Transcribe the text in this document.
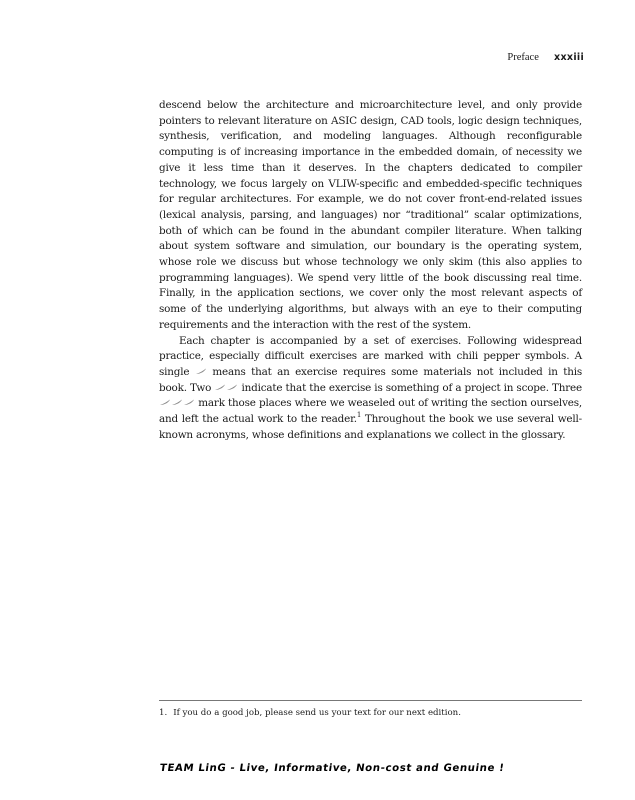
Preface xxxiii

descend below the architecture and microarchitecture level, and only provide pointers to relevant literature on ASIC design, CAD tools, logic design techniques, synthesis, verification, and modeling languages. Although reconfigurable computing is of increasing importance in the embedded domain, of necessity we give it less time than it deserves. In the chapters dedicated to compiler technology, we focus largely on VLIW-specific and embedded-specific techniques for regular architectures. For example, we do not cover front-end-related issues (lexical analysis, parsing, and languages) nor “traditional” scalar optimizations, both of which can be found in the abundant compiler literature. When talking about system software and simulation, our boundary is the operating system, whose role we discuss but whose technology we only skim (this also applies to programming languages). We spend very little of the book discussing real time. Finally, in the application sections, we cover only the most relevant aspects of some of the underlying algorithms, but always with an eye to their computing requirements and the interaction with the rest of the system.

Each chapter is accompanied by a set of exercises. Following widespread practice, especially difficult exercises are marked with chili pepper symbols. A single means that an exercise requires some materials not included in this book. Two	indicate that the exercise is something of a project in scope. Three
mark those places where we weaseled out of writing the section ourselves, and left the actual work to the reader.$^1$ Throughout the book we use several well-known acronyms, whose definitions and explanations we collect in the glossary.

1. If you do a good job, please send us your text for our next edition.
TEAM LinG - Live, Informative, Non-cost and Genuine !
